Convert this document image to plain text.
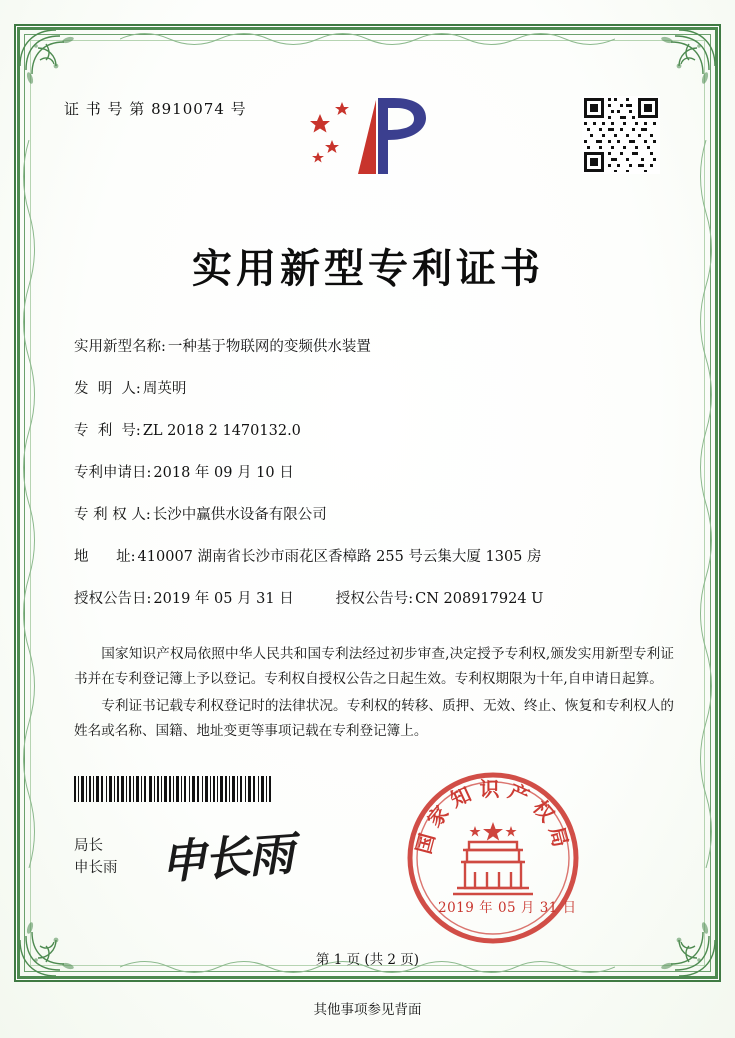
证 书 号 第 8910074 号
实用新型专利证书
实用新型名称: 一种基于物联网的变频供水装置
发  明  人: 周英明
专  利  号: ZL 2018 2 1470132.0
专利申请日: 2018 年 09 月 10 日
专 利 权 人: 长沙中赢供水设备有限公司
地      址: 410007 湖南省长沙市雨花区香樟路 255 号云集大厦 1305 房
授权公告日: 2019 年 05 月 31 日	授权公告号: CN 208917924 U

国家知识产权局依照中华人民共和国专利法经过初步审查,决定授予专利权,颁发实用新型专利证书并在专利登记簿上予以登记。专利权自授权公告之日起生效。专利权期限为十年,自申请日起算。

专利证书记载专利权登记时的法律状况。专利权的转移、质押、无效、终止、恢复和专利权人的姓名或名称、国籍、地址变更等事项记载在专利登记簿上。

局长
申长雨 申长雨	国家知识产权局
2019 年 05 月 31 日
第 1 页 (共 2 页)
其他事项参见背面
